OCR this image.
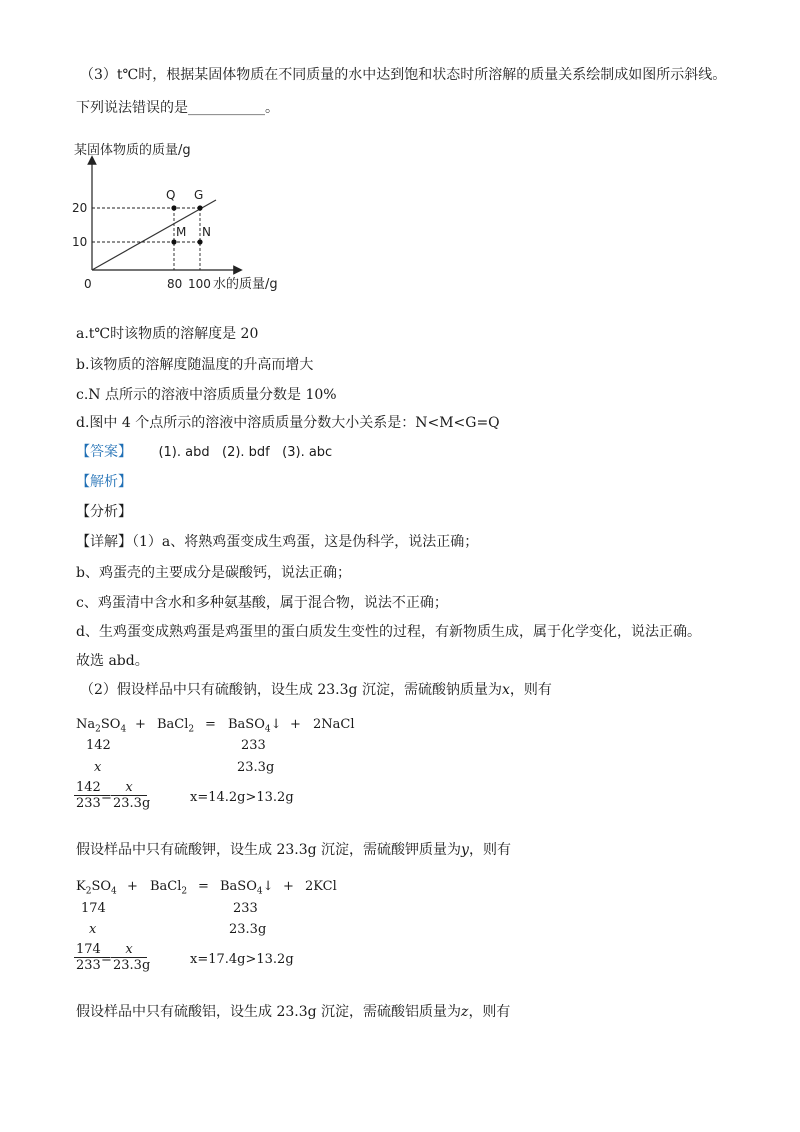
（3）t℃时，根据某固体物质在不同质量的水中达到饱和状态时所溶解的质量关系绘制成如图所示斜线。
下列说法错误的是___________。
某固体物质的质量/g
Q G
M N
20
10
0	80 100 水的质量/g
a.t℃时该物质的溶解度是 20
b.该物质的溶解度随温度的升高而增大
c.N 点所示的溶液中溶质质量分数是 10%
d.图中 4 个点所示的溶液中溶质质量分数大小关系是：N<M<G=Q
【答案】 (1). abd   (2). bdf   (3). abc
【解析】
【分析】
【详解】（1）a、将熟鸡蛋变成生鸡蛋，这是伪科学，说法正确；
b、鸡蛋壳的主要成分是碳酸钙，说法正确；
c、鸡蛋清中含水和多种氨基酸，属于混合物，说法不正确；
d、生鸡蛋变成熟鸡蛋是鸡蛋里的蛋白质发生变性的过程，有新物质生成，属于化学变化，说法正确。
故选 abd。
（2）假设样品中只有硫酸钠，设生成 23.3g 沉淀，需硫酸钠质量为x，则有
$Na_2SO_4$ + BaCl$_2$ = BaSO$_4$↓ + 2NaCl
142	233
x	23.3g
$\frac{142}{233}$
= $\frac{x}{23.3g}$	x=14.2g>13.2g
假设样品中只有硫酸钾，设生成 23.3g 沉淀，需硫酸钾质量为y，则有
$K_2SO_4$ + BaCl$_2$ = BaSO$_4$↓ + 2KCl
174	233
x	23.3g
$\frac{174}{233}$
= $\frac{x}{23.3g}$	x=17.4g>13.2g
假设样品中只有硫酸铝，设生成 23.3g 沉淀，需硫酸铝质量为z，则有
